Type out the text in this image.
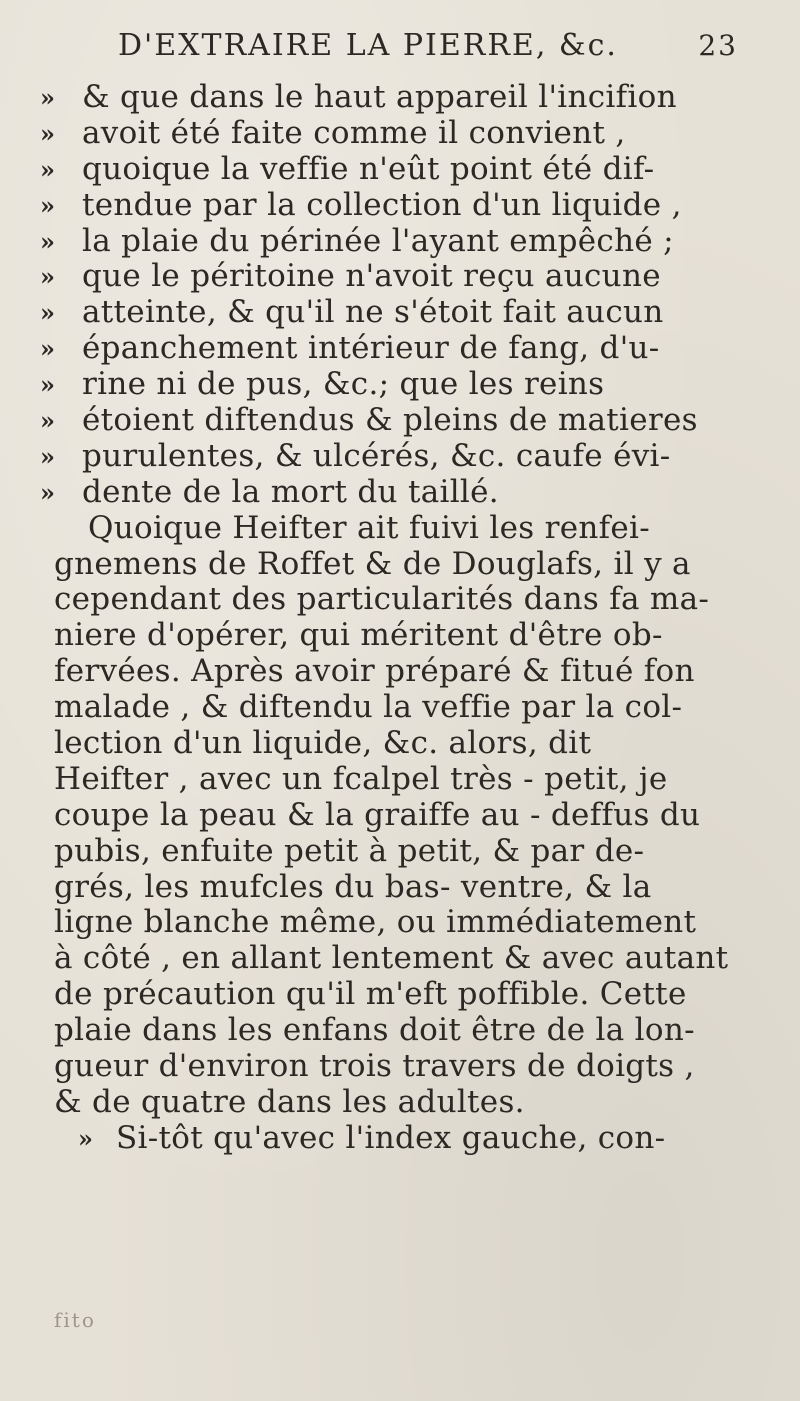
D'EXTRAIRE LA PIERRE, &c.	23
» & que dans le haut appareil l'incifion
» avoit été faite comme il convient ,
» quoique la veffie n'eût point été dif-
» tendue par la collection d'un liquide ,
» la plaie du périnée l'ayant empêché ;
» que le péritoine n'avoit reçu aucune
» atteinte, & qu'il ne s'étoit fait aucun
» épanchement intérieur de fang, d'u-
» rine ni de pus, &c.; que les reins
» étoient diftendus & pleins de matieres
» purulentes, & ulcérés, &c. caufe évi-
» dente de la mort du taillé.
Quoique Heifter ait fuivi les renfei-
gnemens de Roffet & de Douglafs, il y a
cependant des particularités dans fa ma-
niere d'opérer, qui méritent d'être ob-
fervées. Après avoir préparé & fitué fon
malade , & diftendu la veffie par la col-
lection d'un liquide, &c. alors, dit
Heifter , avec un fcalpel très - petit, je
coupe la peau & la graiffe au - deffus du
pubis, enfuite petit à petit, & par de-
grés, les mufcles du bas- ventre, & la
ligne blanche même, ou immédiatement
à côté , en allant lentement & avec autant
de précaution qu'il m'eft poffible. Cette
plaie dans les enfans doit être de la lon-
gueur d'environ trois travers de doigts ,
& de quatre dans les adultes.
» Si-tôt qu'avec l'index gauche, con-
fito
